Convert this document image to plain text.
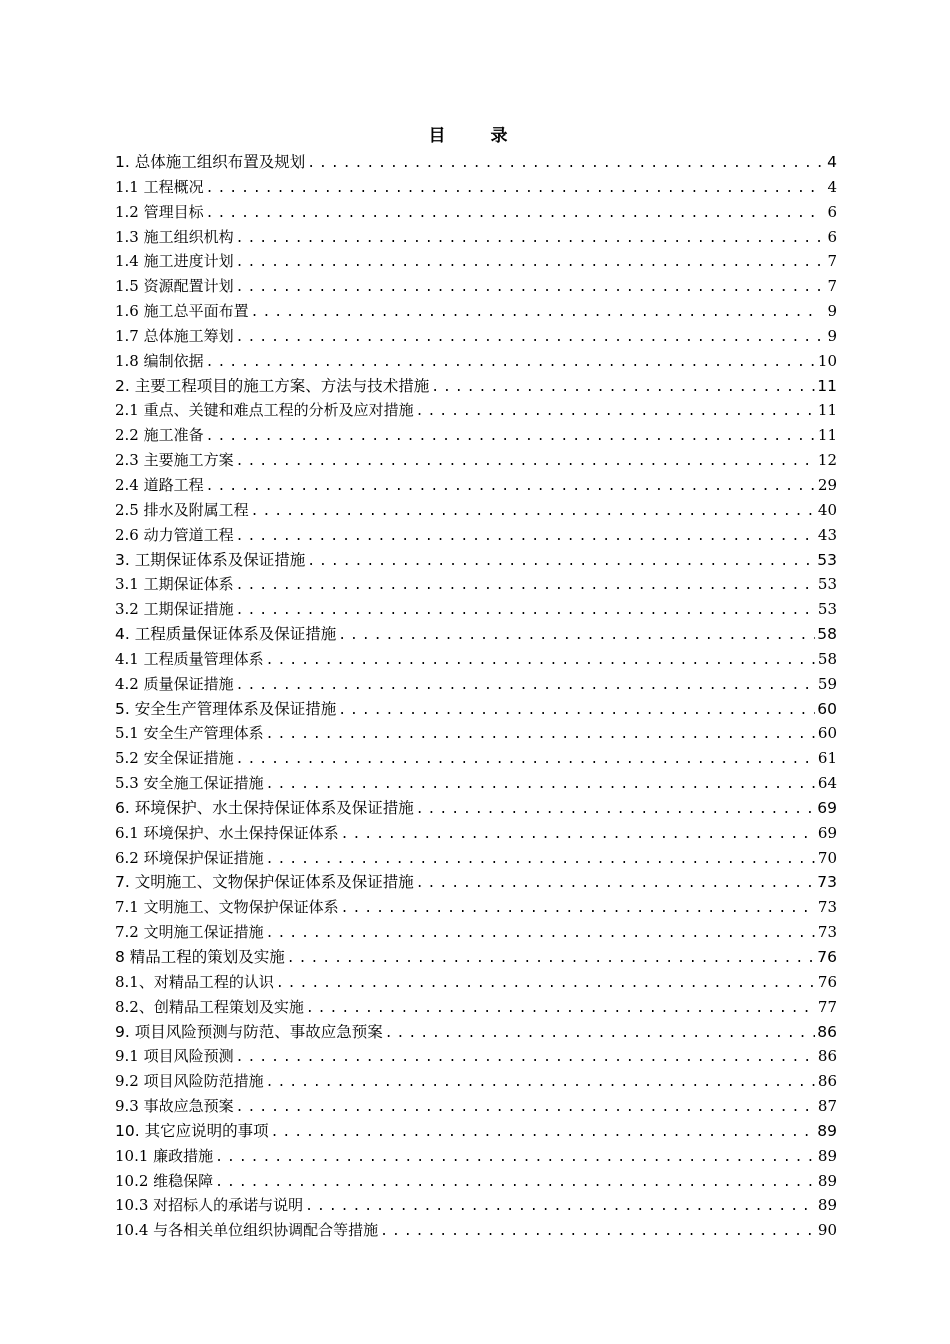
目　录
1. 总体施工组织布置及规划 .....	4
1.1 工程概况 .....	4
1.2 管理目标 .....	6
1.3 施工组织机构 .....	6
1.4 施工进度计划 .....	7
1.5 资源配置计划 .....	7
1.6 施工总平面布置 .....	9
1.7 总体施工筹划 .....	9
1.8 编制依据 .....	10
2. 主要工程项目的施工方案、方法与技术措施 .....	11
2.1 重点、关键和难点工程的分析及应对措施 .....	11
2.2 施工准备 .....	11
2.3 主要施工方案 .....	12
2.4 道路工程 .....	29
2.5 排水及附属工程 .....	40
2.6 动力管道工程 .....	43
3. 工期保证体系及保证措施 .....	53
3.1 工期保证体系 .....	53
3.2 工期保证措施 .....	53
4. 工程质量保证体系及保证措施 .....	58
4.1 工程质量管理体系 .....	58
4.2 质量保证措施 .....	59
5. 安全生产管理体系及保证措施 .....	60
5.1 安全生产管理体系 .....	60
5.2 安全保证措施 .....	61
5.3 安全施工保证措施 .....	64
6. 环境保护、水土保持保证体系及保证措施 .....	69
6.1 环境保护、水土保持保证体系 .....	69
6.2 环境保护保证措施 .....	70
7. 文明施工、文物保护保证体系及保证措施 .....	73
7.1 文明施工、文物保护保证体系 .....	73
7.2 文明施工保证措施 .....	73
8 精品工程的策划及实施 .....	76
8.1、对精品工程的认识 .....	76
8.2、创精品工程策划及实施 .....	77
9. 项目风险预测与防范、事故应急预案 .....	86
9.1 项目风险预测 .....	86
9.2 项目风险防范措施 .....	86
9.3 事故应急预案 .....	87
10. 其它应说明的事项 .....	89
10.1 廉政措施 .....	89
10.2 维稳保障 .....	89
10.3 对招标人的承诺与说明 .....	89
10.4 与各相关单位组织协调配合等措施 .....	90
